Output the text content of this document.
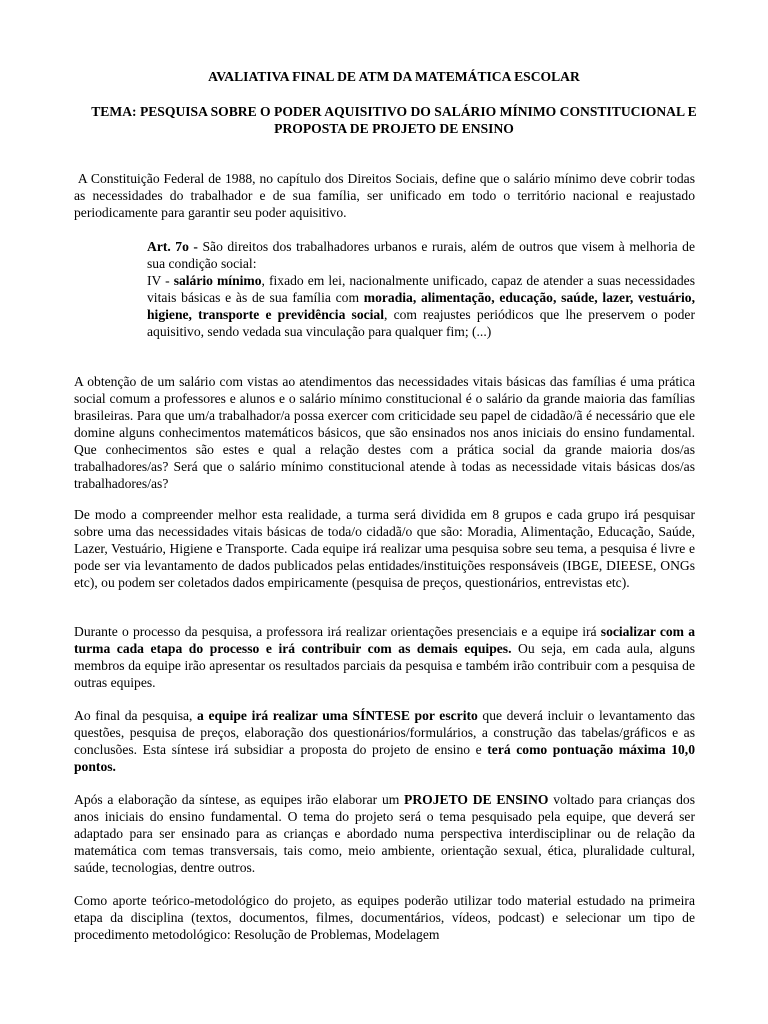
AVALIATIVA FINAL DE ATM DA MATEMÁTICA ESCOLAR
TEMA: PESQUISA SOBRE O PODER AQUISITIVO DO SALÁRIO MÍNIMO CONSTITUCIONAL E PROPOSTA DE PROJETO DE ENSINO

A Constituição Federal de 1988, no capítulo dos Direitos Sociais, define que o salário mínimo deve cobrir todas as necessidades do trabalhador e de sua família, ser unificado em todo o território nacional e reajustado periodicamente para garantir seu poder aquisitivo.

Art. 7o - São direitos dos trabalhadores urbanos e rurais, além de outros que visem à melhoria de sua condição social:

IV - salário mínimo, fixado em lei, nacionalmente unificado, capaz de atender a suas necessidades vitais básicas e às de sua família com moradia, alimentação, educação, saúde, lazer, vestuário, higiene, transporte e previdência social, com reajustes periódicos que lhe preservem o poder aquisitivo, sendo vedada sua vinculação para qualquer fim; (...)

A obtenção de um salário com vistas ao atendimentos das necessidades vitais básicas das famílias é uma prática social comum a professores e alunos e o salário mínimo constitucional é o salário da grande maioria das famílias brasileiras. Para que um/a trabalhador/a possa exercer com criticidade seu papel de cidadão/ã é necessário que ele domine alguns conhecimentos matemáticos básicos, que são ensinados nos anos iniciais do ensino fundamental. Que conhecimentos são estes e qual a relação destes com a prática social da grande maioria dos/as trabalhadores/as? Será que o salário mínimo constitucional atende à todas as necessidade vitais básicas dos/as trabalhadores/as?

De modo a compreender melhor esta realidade, a turma será dividida em 8 grupos e cada grupo irá pesquisar sobre uma das necessidades vitais básicas de toda/o cidadã/o que são: Moradia, Alimentação, Educação, Saúde, Lazer, Vestuário, Higiene e Transporte. Cada equipe irá realizar uma pesquisa sobre seu tema, a pesquisa é livre e pode ser via levantamento de dados publicados pelas entidades/instituições responsáveis (IBGE, DIEESE, ONGs etc), ou podem ser coletados dados empiricamente (pesquisa de preços, questionários, entrevistas etc).

Durante o processo da pesquisa, a professora irá realizar orientações presenciais e a equipe irá socializar com a turma cada etapa do processo e irá contribuir com as demais equipes. Ou seja, em cada aula, alguns membros da equipe irão apresentar os resultados parciais da pesquisa e também irão contribuir com a pesquisa de outras equipes.

Ao final da pesquisa, a equipe irá realizar uma SÍNTESE por escrito que deverá incluir o levantamento das questões, pesquisa de preços, elaboração dos questionários/formulários, a construção das tabelas/gráficos e as conclusões. Esta síntese irá subsidiar a proposta do projeto de ensino e terá como pontuação máxima 10,0 pontos.

Após a elaboração da síntese, as equipes irão elaborar um PROJETO DE ENSINO voltado para crianças dos anos iniciais do ensino fundamental. O tema do projeto será o tema pesquisado pela equipe, que deverá ser adaptado para ser ensinado para as crianças e abordado numa perspectiva interdisciplinar ou de relação da matemática com temas transversais, tais como, meio ambiente, orientação sexual, ética, pluralidade cultural, saúde, tecnologias, dentre outros.

Como aporte teórico-metodológico do projeto, as equipes poderão utilizar todo material estudado na primeira etapa da disciplina (textos, documentos, filmes, documentários, vídeos, podcast) e selecionar um tipo de procedimento metodológico: Resolução de Problemas, Modelagem
